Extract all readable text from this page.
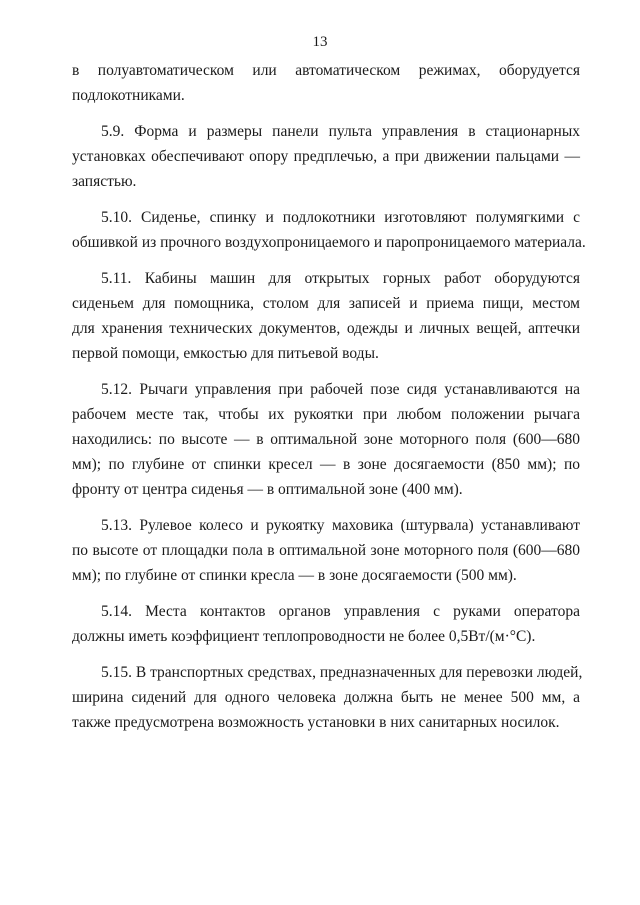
13
в полуавтоматическом или автоматическом режимах, оборудуется
подлокотниками.
5.9. Форма и размеры панели пульта управления в стационарных
установках обеспечивают опору предплечью, а при движении пальцами —
запястью.
5.10. Сиденье, спинку и подлокотники изготовляют полумягкими с
обшивкой из прочного воздухопроницаемого и паропроницаемого материала.
5.11. Кабины машин для открытых горных работ оборудуются
сиденьем для помощника, столом для записей и приема пищи, местом
для хранения технических документов, одежды и личных вещей, аптечки
первой помощи, емкостью для питьевой воды.
5.12. Рычаги управления при рабочей позе сидя устанавливаются на
рабочем месте так, чтобы их рукоятки при любом положении рычага
находились: по высоте — в оптимальной зоне моторного поля (600—680
мм); по глубине от спинки кресел — в зоне досягаемости (850 мм); по
фронту от центра сиденья — в оптимальной зоне (400 мм).
5.13. Рулевое колесо и рукоятку маховика (штурвала) устанавливают
по высоте от площадки пола в оптимальной зоне моторного поля (600—680
мм); по глубине от спинки кресла — в зоне досягаемости (500 мм).
5.14. Места контактов органов управления с руками оператора
должны иметь коэффициент теплопроводности не более 0,5Вт/(м·°С).
5.15. В транспортных средствах, предназначенных для перевозки людей,
ширина сидений для одного человека должна быть не менее 500 мм, а
также предусмотрена возможность установки в них санитарных носилок.
